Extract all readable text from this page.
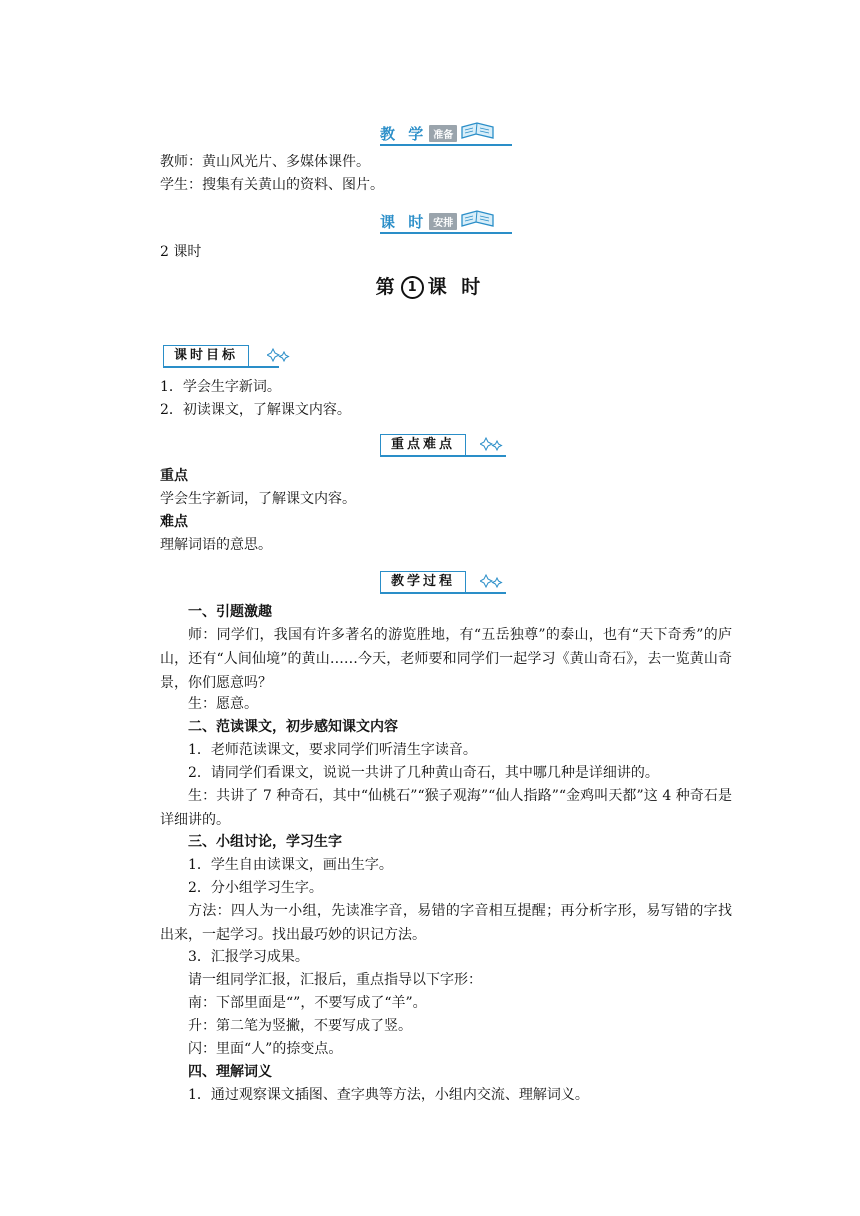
教 学 准备
教师：黄山风光片、多媒体课件。
学生：搜集有关黄山的资料、图片。
课 时 安排
2 课时
第 1 课 时
课时目标
1．学会生字新词。
2．初读课文，了解课文内容。
重点难点
重点
学会生字新词，了解课文内容。
难点
理解词语的意思。
教学过程
一、引题激趣
师：同学们，我国有许多著名的游览胜地，有“五岳独尊”的泰山，也有“天下奇秀”的庐山，还有“人间仙境”的黄山……今天，老师要和同学们一起学习《黄山奇石》，去一览黄山奇景，你们愿意吗？
生：愿意。
二、范读课文，初步感知课文内容
1．老师范读课文，要求同学们听清生字读音。
2．请同学们看课文，说说一共讲了几种黄山奇石，其中哪几种是详细讲的。
生：共讲了 7 种奇石，其中“仙桃石”“猴子观海”“仙人指路”“金鸡叫天都”这 4 种奇石是详细讲的。
三、小组讨论，学习生字
1．学生自由读课文，画出生字。
2．分小组学习生字。
方法：四人为一小组，先读准字音，易错的字音相互提醒；再分析字形，易写错的字找出来，一起学习。找出最巧妙的识记方法。
3．汇报学习成果。
请一组同学汇报，汇报后，重点指导以下字形：
南：下部里面是“”，不要写成了“羊”。
升：第二笔为竖撇，不要写成了竖。
闪：里面“人”的捺变点。
四、理解词义
1．通过观察课文插图、查字典等方法，小组内交流、理解词义。
